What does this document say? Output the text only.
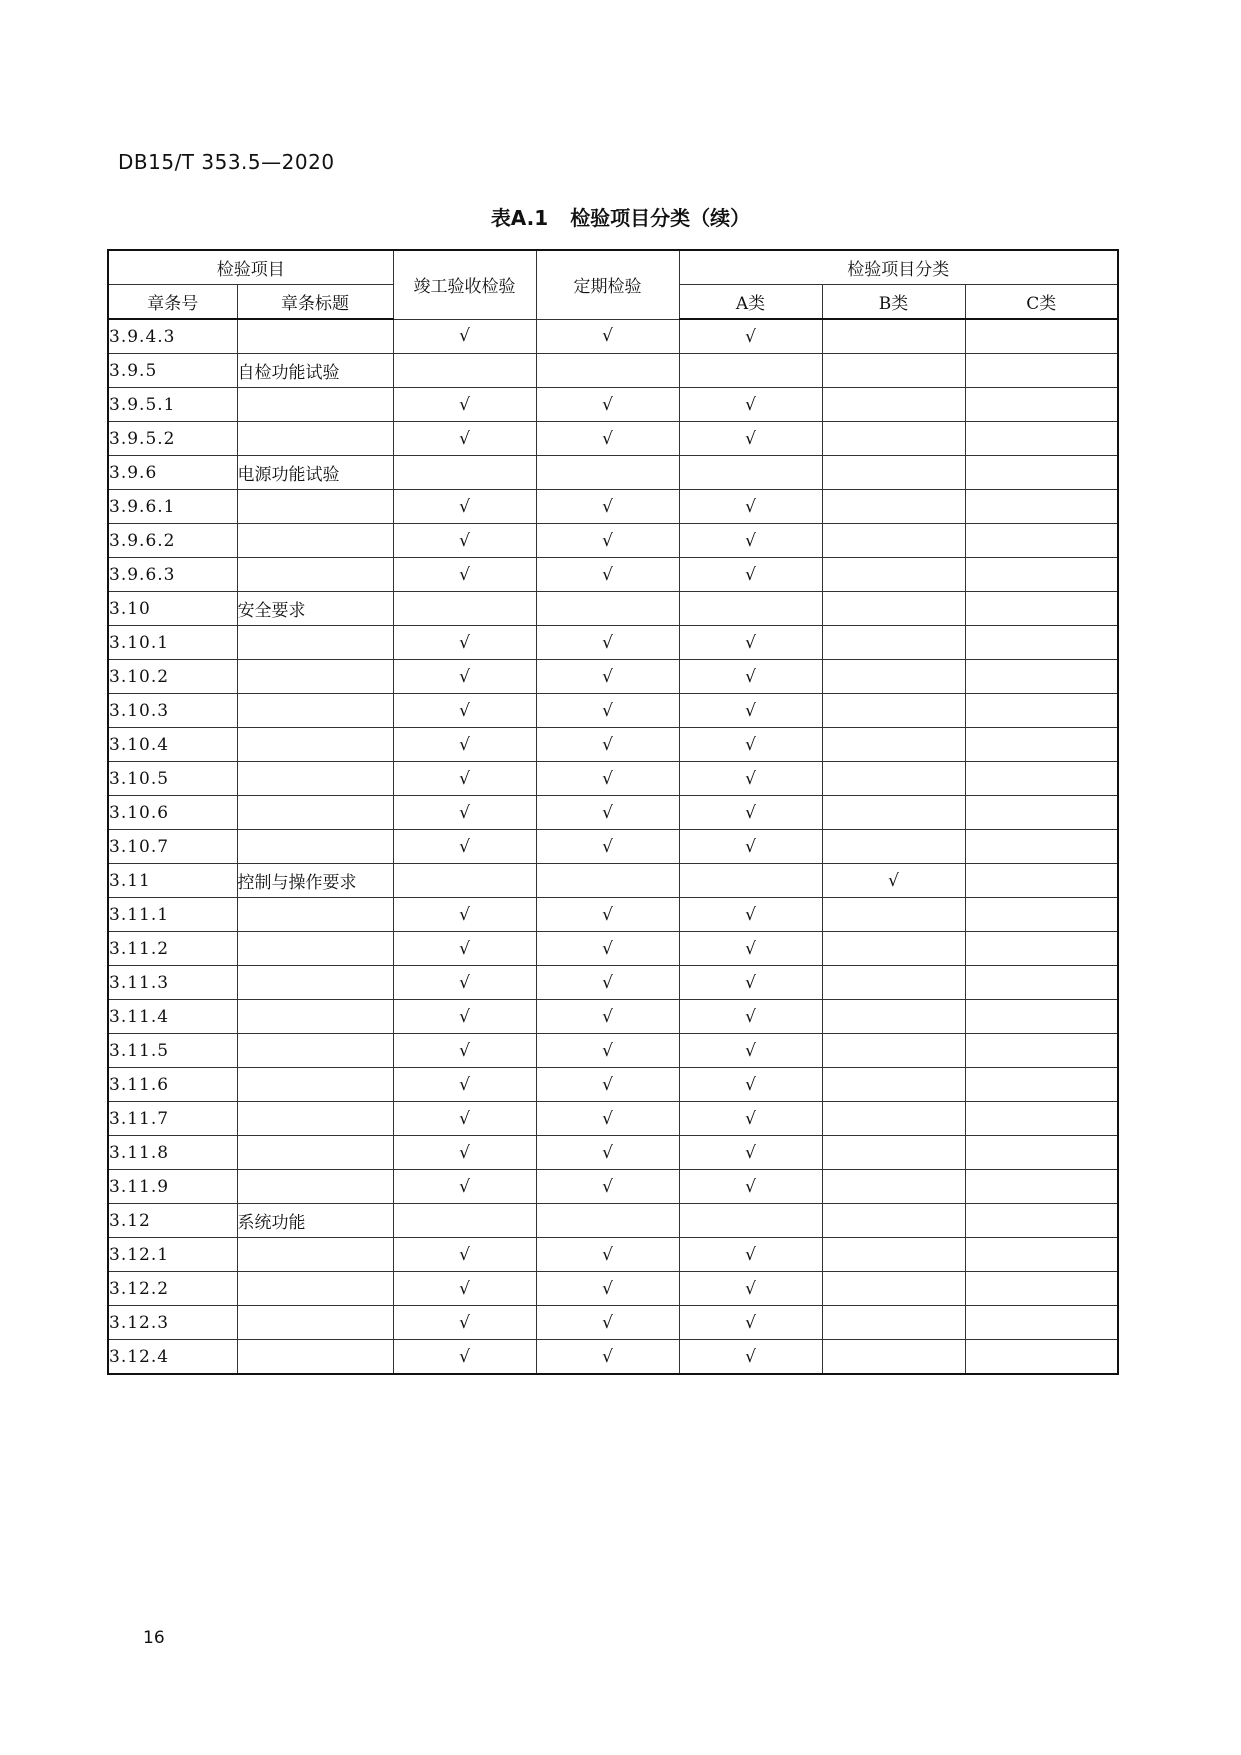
DB15/T 353.5—2020
表A.1 检验项目分类（续）
检验项目		竣工验收检验	定期检验	检验项目分类		
章条号	章条标题			A类	B类	C类
3.9.4.3		√	√	√		
3.9.5	自检功能试验					
3.9.5.1		√	√	√		
3.9.5.2		√	√	√		
3.9.6	电源功能试验					
3.9.6.1		√	√	√		
3.9.6.2		√	√	√		
3.9.6.3		√	√	√		
3.10	安全要求					
3.10.1		√	√	√		
3.10.2		√	√	√		
3.10.3		√	√	√		
3.10.4		√	√	√		
3.10.5		√	√	√		
3.10.6		√	√	√		
3.10.7		√	√	√		
3.11	控制与操作要求				√	
3.11.1		√	√	√		
3.11.2		√	√	√		
3.11.3		√	√	√		
3.11.4		√	√	√		
3.11.5		√	√	√		
3.11.6		√	√	√		
3.11.7		√	√	√		
3.11.8		√	√	√		
3.11.9		√	√	√		
3.12	系统功能					
3.12.1		√	√	√		
3.12.2		√	√	√		
3.12.3		√	√	√		
3.12.4		√	√	√		
16
